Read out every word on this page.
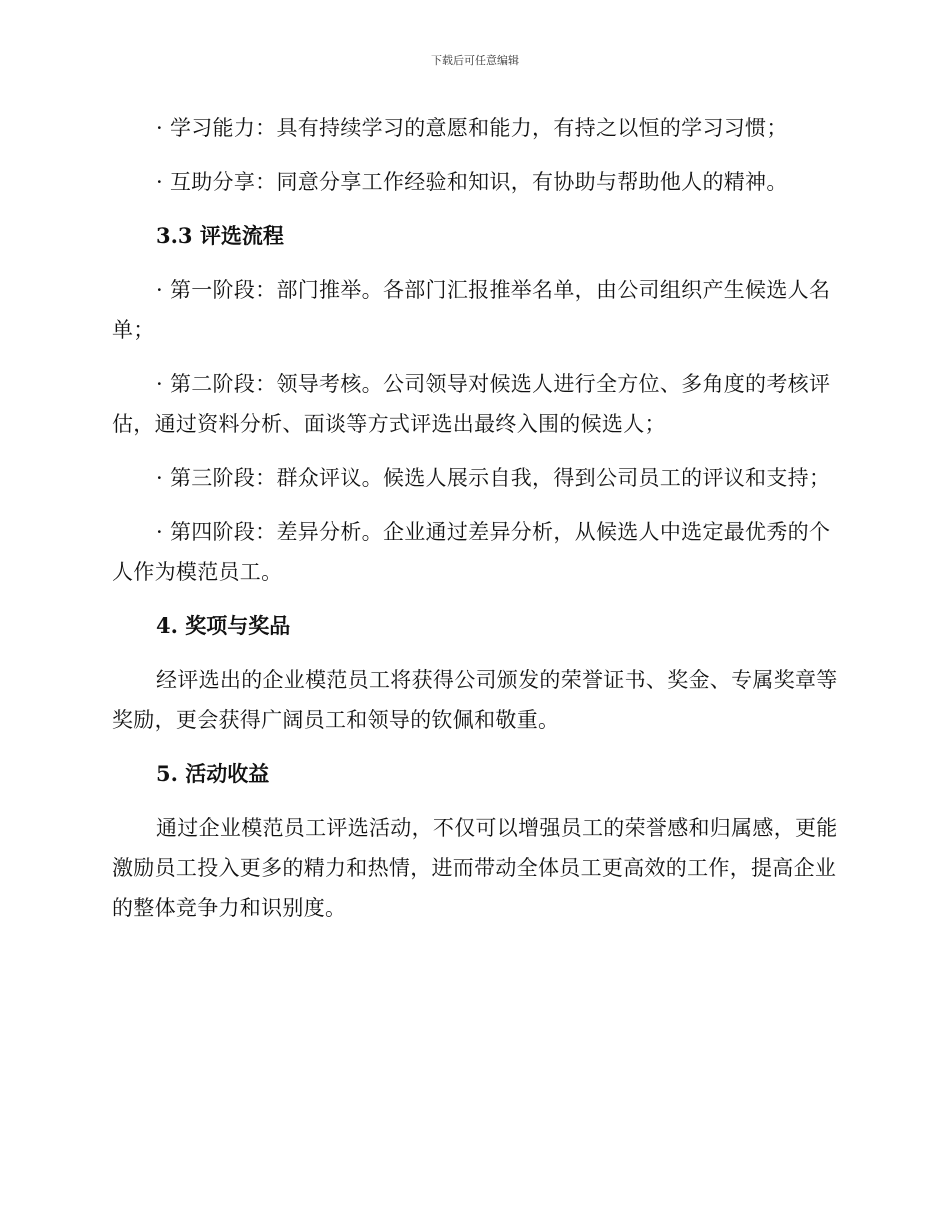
下载后可任意编辑

· 学习能力：具有持续学习的意愿和能力，有持之以恒的学习习惯；

· 互助分享：同意分享工作经验和知识，有协助与帮助他人的精神。

3.3 评选流程

· 第一阶段：部门推举。各部门汇报推举名单，由公司组织产生候选人名单；

· 第二阶段：领导考核。公司领导对候选人进行全方位、多角度的考核评估，通过资料分析、面谈等方式评选出最终入围的候选人；

· 第三阶段：群众评议。候选人展示自我，得到公司员工的评议和支持；

· 第四阶段：差异分析。企业通过差异分析，从候选人中选定最优秀的个人作为模范员工。

4. 奖项与奖品

经评选出的企业模范员工将获得公司颁发的荣誉证书、奖金、专属奖章等奖励，更会获得广阔员工和领导的钦佩和敬重。

5. 活动收益

通过企业模范员工评选活动，不仅可以增强员工的荣誉感和归属感，更能激励员工投入更多的精力和热情，进而带动全体员工更高效的工作，提高企业的整体竞争力和识别度。
